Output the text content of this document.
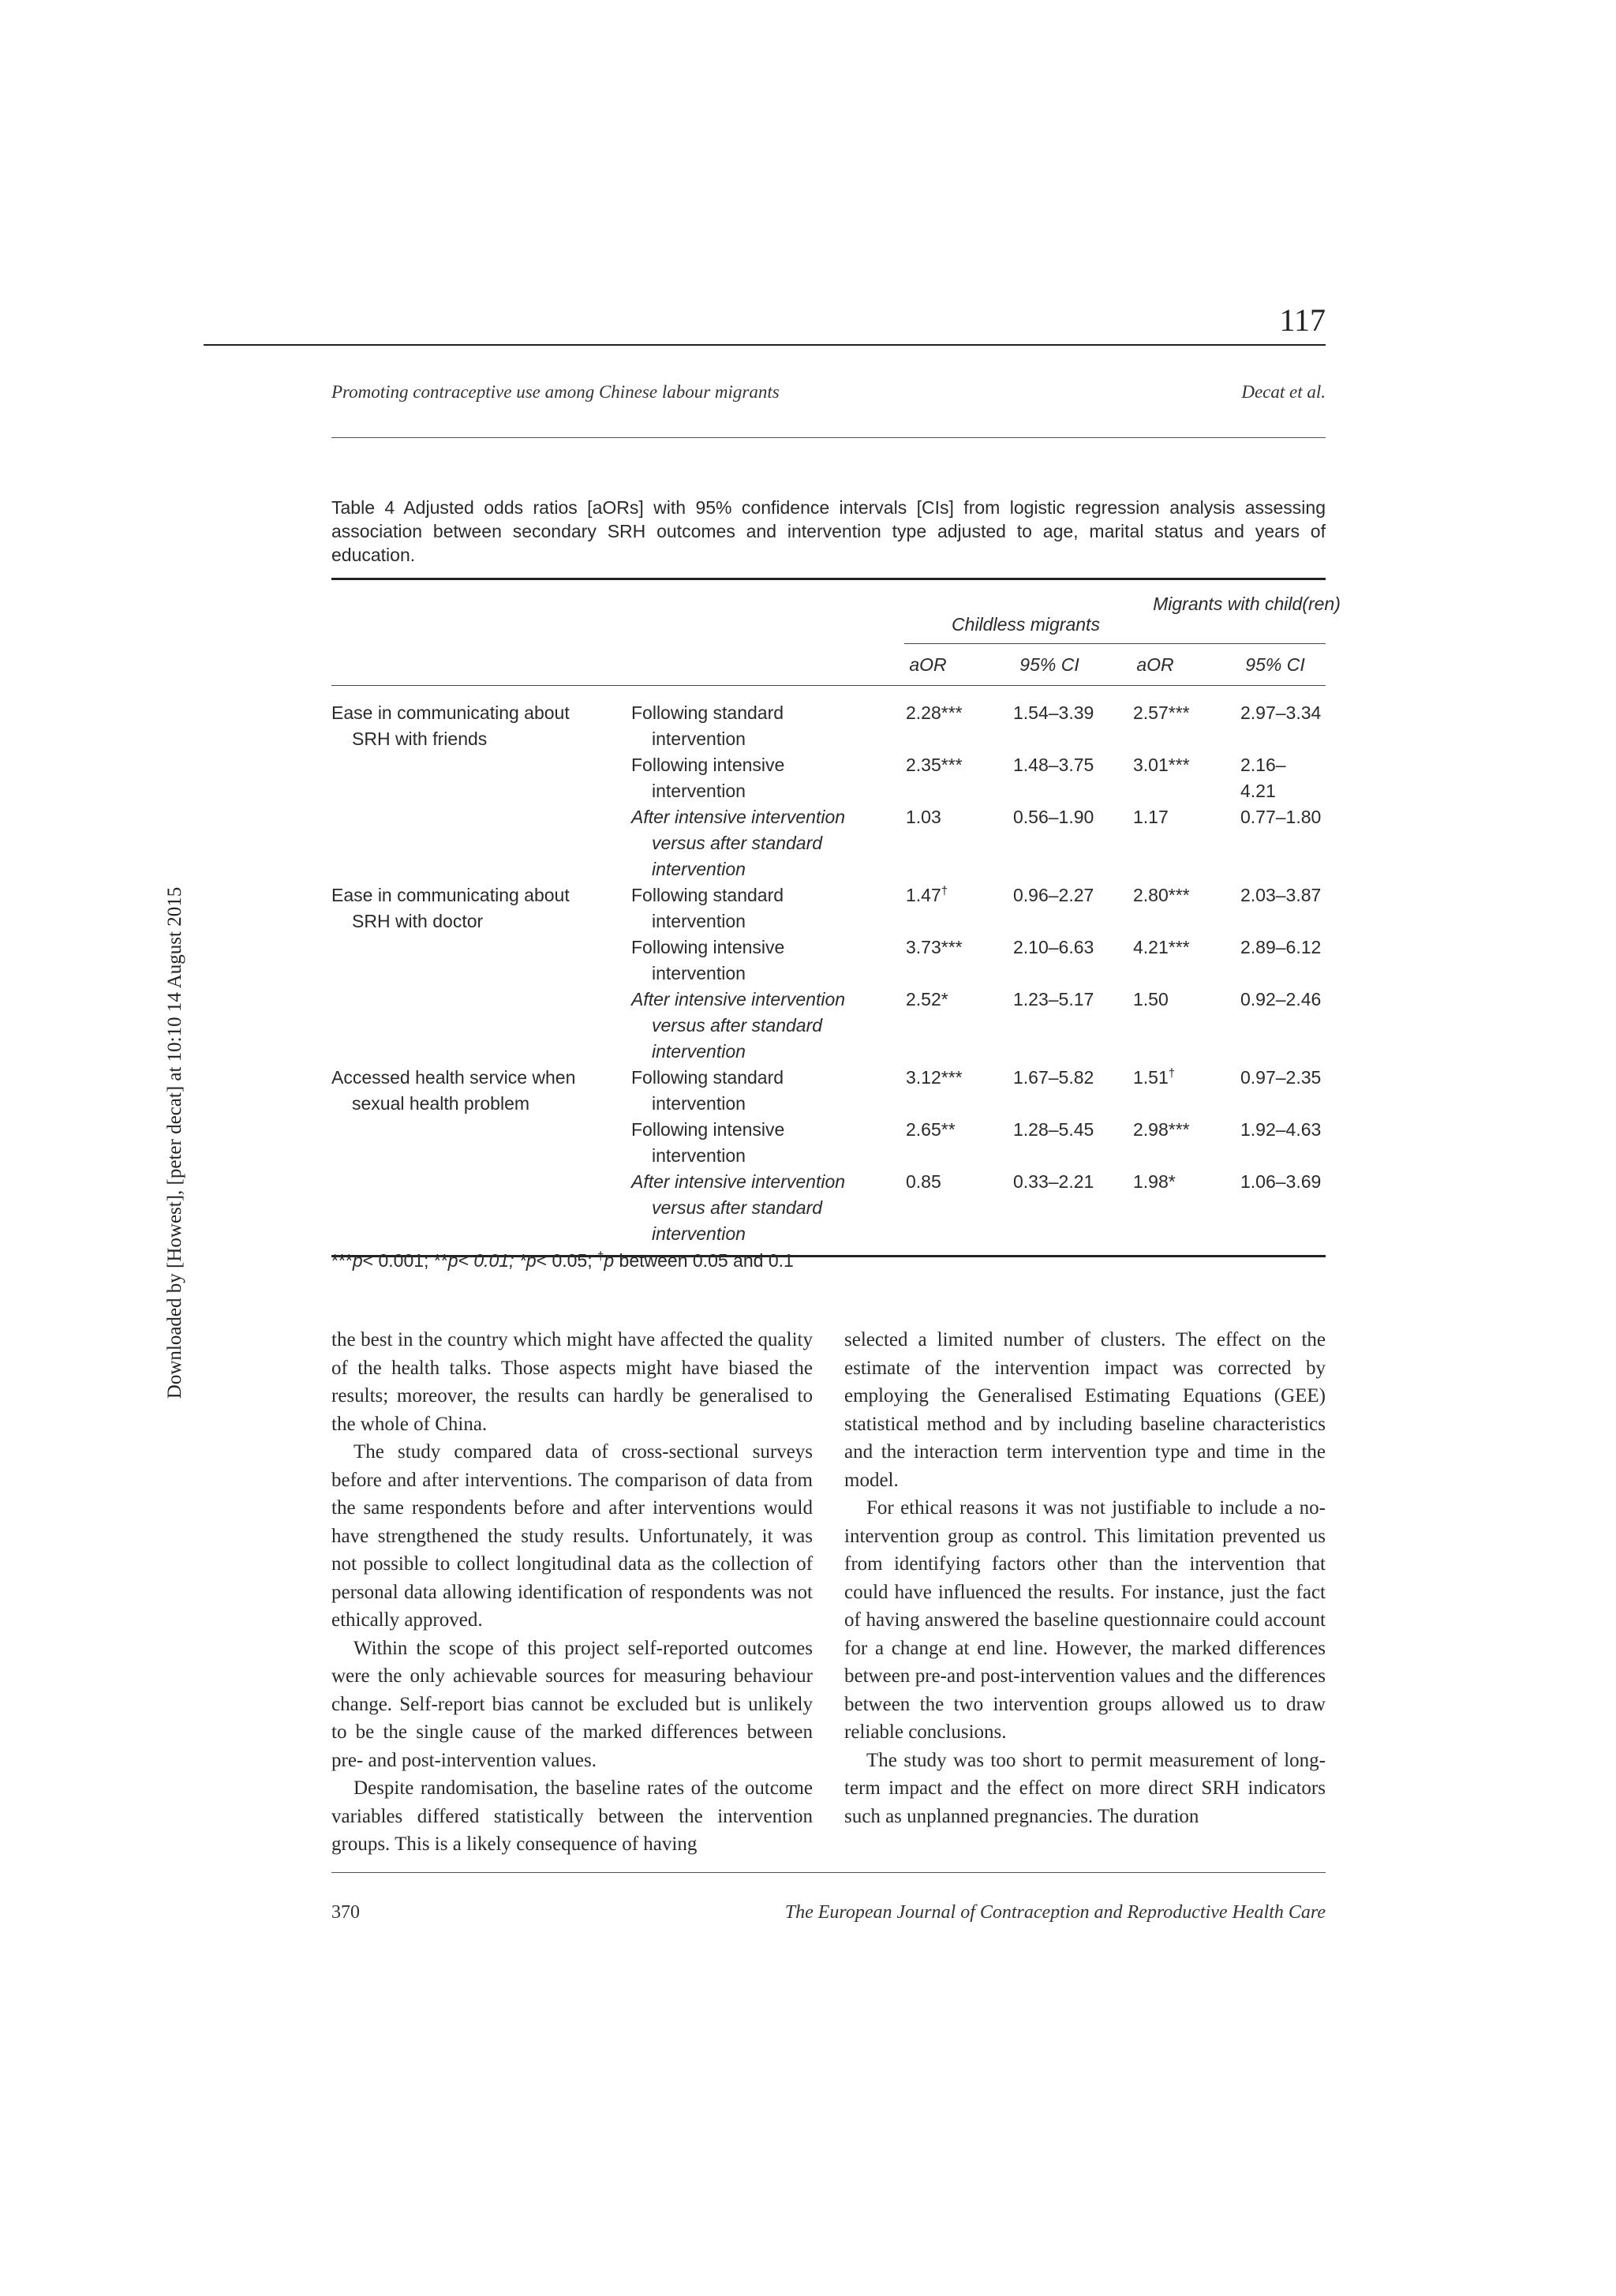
117
Promoting contraceptive use among Chinese labour migrants	Decat et al.
Downloaded by [Howest], [peter decat] at 10:10 14 August 2015
Table 4 Adjusted odds ratios [aORs] with 95% confidence intervals [CIs] from logistic regression analysis assessing association between secondary SRH outcomes and intervention type adjusted to age, marital status and years of education.
Childless migrants
Migrants with child(ren)
aOR	95% CI	aOR	95% CI
Ease in communicating about
SRH with friends
Following standard
intervention
2.28***	1.54–3.39 2.57***	2.97–3.34
Following intensive
intervention
2.35***	1.48–3.75 3.01***	2.16– 4.21
After intensive intervention
versus after standard
intervention
1.03	0.56–1.90 1.17	0.77–1.80
Ease in communicating about
SRH with doctor
Following standard
intervention
1.47†	0.96–2.27 2.80***	2.03–3.87
Following intensive
intervention
3.73***	2.10–6.63 4.21***	2.89–6.12
After intensive intervention
versus after standard
intervention
2.52*	1.23–5.17 1.50	0.92–2.46
Accessed health service when
sexual health problem
Following standard
intervention
3.12***	1.67–5.82 1.51†	0.97–2.35
Following intensive
intervention
2.65**	1.28–5.45 2.98***	1.92–4.63
After intensive intervention
versus after standard
intervention
0.85	0.33–2.21 1.98*	1.06–3.69
***p< 0.001; **p< 0.01; *p< 0.05; †p between 0.05 and 0.1

the best in the country which might have affected the quality of the health talks. Those aspects might have biased the results; moreover, the results can hardly be generalised to the whole of China.

The study compared data of cross-sectional surveys before and after interventions. The comparison of data from the same respondents before and after interventions would have strengthened the study results. Unfortunately, it was not possible to collect longitudinal data as the collection of personal data allowing identification of respondents was not ethically approved.

Within the scope of this project self-reported outcomes were the only achievable sources for measuring behaviour change. Self-report bias cannot be excluded but is unlikely to be the single cause of the marked differences between pre- and post-intervention values.

Despite randomisation, the baseline rates of the outcome variables differed statistically between the intervention groups. This is a likely consequence of having

selected a limited number of clusters. The effect on the estimate of the intervention impact was corrected by employing the Generalised Estimating Equations (GEE) statistical method and by including baseline characteristics and the interaction term intervention type and time in the model.

For ethical reasons it was not justifiable to include a no-intervention group as control. This limitation prevented us from identifying factors other than the intervention that could have influenced the results. For instance, just the fact of having answered the baseline questionnaire could account for a change at end line. However, the marked differences between pre-and post-intervention values and the differences between the two intervention groups allowed us to draw reliable conclusions.

The study was too short to permit measurement of long-term impact and the effect on more direct SRH indicators such as unplanned pregnancies. The duration

370	The European Journal of Contraception and Reproductive Health Care
